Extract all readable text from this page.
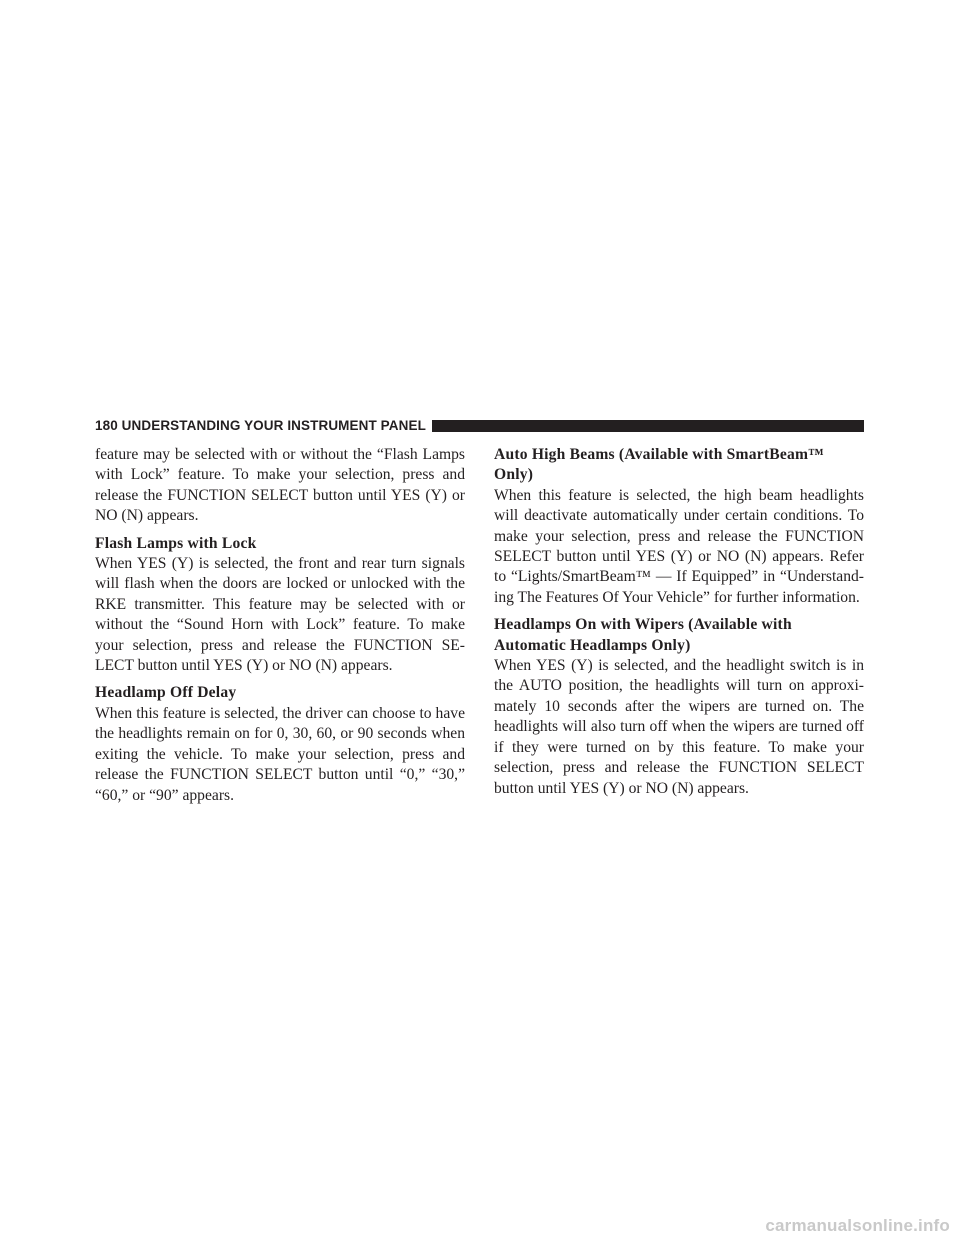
180 UNDERSTANDING YOUR INSTRUMENT PANEL

feature may be selected with or without the “Flash Lamps with Lock” feature. To make your selection, press and release the FUNCTION SELECT button until YES (Y) or NO (N) appears.

Flash Lamps with Lock

When YES (Y) is selected, the front and rear turn signals will flash when the doors are locked or unlocked with the RKE transmitter. This feature may be selected with or without the “Sound Horn with Lock” feature. To make your selection, press and release the FUNCTION SE-LECT button until YES (Y) or NO (N) appears.

Headlamp Off Delay

When this feature is selected, the driver can choose to have the headlights remain on for 0, 30, 60, or 90 seconds when exiting the vehicle. To make your selection, press and release the FUNCTION SELECT button until “0,” “30,” “60,” or “90” appears.

Auto High Beams (Available with SmartBeam™ Only)

When this feature is selected, the high beam headlights will deactivate automatically under certain conditions. To make your selection, press and release the FUNCTION SELECT button until YES (Y) or NO (N) appears. Refer to “Lights/SmartBeam™ — If Equipped” in “Understand-ing The Features Of Your Vehicle” for further information.

Headlamps On with Wipers (Available with Automatic Headlamps Only)

When YES (Y) is selected, and the headlight switch is in the AUTO position, the headlights will turn on approxi-mately 10 seconds after the wipers are turned on. The headlights will also turn off when the wipers are turned off if they were turned on by this feature. To make your selection, press and release the FUNCTION SELECT button until YES (Y) or NO (N) appears.

carmanualsonline.info
